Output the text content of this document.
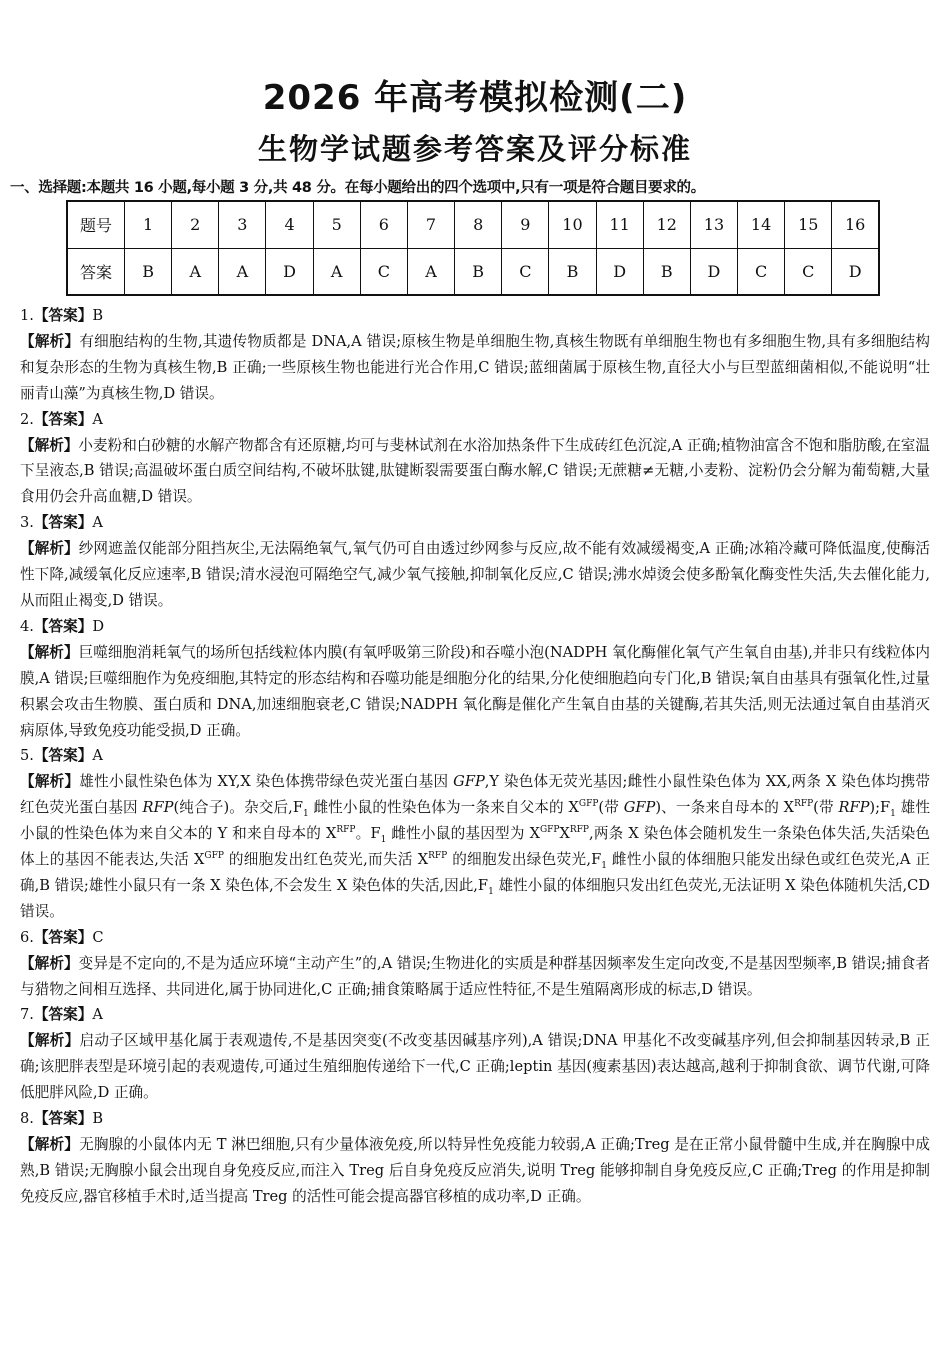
2026 年高考模拟检测(二)
生物学试题参考答案及评分标准
一、选择题:本题共 16 小题,每小题 3 分,共 48 分。在每小题给出的四个选项中,只有一项是符合题目要求的。
题号	1	2	3	4	5	6	7	8	9	10	11	12	13	14	15	16
答案	B	A	A	D	A	C	A	B	C	B	D	B	D	C	C	D

1.【答案】B

【解析】有细胞结构的生物,其遗传物质都是 DNA,A 错误;原核生物是单细胞生物,真核生物既有单细胞生物也有多细胞生物,具有多细胞结构和复杂形态的生物为真核生物,B 正确;一些原核生物也能进行光合作用,C 错误;蓝细菌属于原核生物,直径大小与巨型蓝细菌相似,不能说明“壮丽青山藻”为真核生物,D 错误。

2.【答案】A

【解析】小麦粉和白砂糖的水解产物都含有还原糖,均可与斐林试剂在水浴加热条件下生成砖红色沉淀,A 正确;植物油富含不饱和脂肪酸,在室温下呈液态,B 错误;高温破坏蛋白质空间结构,不破坏肽键,肽键断裂需要蛋白酶水解,C 错误;无蔗糖≠无糖,小麦粉、淀粉仍会分解为葡萄糖,大量食用仍会升高血糖,D 错误。

3.【答案】A

【解析】纱网遮盖仅能部分阻挡灰尘,无法隔绝氧气,氧气仍可自由透过纱网参与反应,故不能有效减缓褐变,A 正确;冰箱冷藏可降低温度,使酶活性下降,减缓氧化反应速率,B 错误;清水浸泡可隔绝空气,减少氧气接触,抑制氧化反应,C 错误;沸水焯烫会使多酚氧化酶变性失活,失去催化能力,从而阻止褐变,D 错误。

4.【答案】D

【解析】巨噬细胞消耗氧气的场所包括线粒体内膜(有氧呼吸第三阶段)和吞噬小泡(NADPH 氧化酶催化氧气产生氧自由基),并非只有线粒体内膜,A 错误;巨噬细胞作为免疫细胞,其特定的形态结构和吞噬功能是细胞分化的结果,分化使细胞趋向专门化,B 错误;氧自由基具有强氧化性,过量积累会攻击生物膜、蛋白质和 DNA,加速细胞衰老,C 错误;NADPH 氧化酶是催化产生氧自由基的关键酶,若其失活,则无法通过氧自由基消灭病原体,导致免疫功能受损,D 正确。

5.【答案】A

【解析】雄性小鼠性染色体为 XY,X 染色体携带绿色荧光蛋白基因 GFP,Y 染色体无荧光基因;雌性小鼠性染色体为 XX,两条 X 染色体均携带红色荧光蛋白基因 RFP(纯合子)。杂交后$,F_1$ 雌性小鼠的性染色体为一条来自父本的 $X^{GFP}$(带 GFP)、一条来自母本的 $X^{RFP}$(带 $RFP);F_1$ 雄性小鼠的性染色体为来自父本的 Y 和来自母本的 $X^{RFP}$。$F_1$ 雌性小鼠的基因型为 $X^{GFP}X^{RFP}$,两条 X 染色体会随机发生一条染色体失活,失活染色体上的基因不能表达,失活 $X^{GFP}$ 的细胞发出红色荧光,而失活 $X^{RFP}$ 的细胞发出绿色荧光$,F_1$ 雌性小鼠的体细胞只能发出绿色或红色荧光,A 正确,B 错误;雄性小鼠只有一条 X 染色体,不会发生 X 染色体的失活,因此$,F_1$ 雄性小鼠的体细胞只发出红色荧光,无法证明 X 染色体随机失活,CD 错误。

6.【答案】C

【解析】变异是不定向的,不是为适应环境“主动产生”的,A 错误;生物进化的实质是种群基因频率发生定向改变,不是基因型频率,B 错误;捕食者与猎物之间相互选择、共同进化,属于协同进化,C 正确;捕食策略属于适应性特征,不是生殖隔离形成的标志,D 错误。

7.【答案】A

【解析】启动子区域甲基化属于表观遗传,不是基因突变(不改变基因碱基序列),A 错误;DNA 甲基化不改变碱基序列,但会抑制基因转录,B 正确;该肥胖表型是环境引起的表观遗传,可通过生殖细胞传递给下一代,C 正确;leptin 基因(瘦素基因)表达越高,越利于抑制食欲、调节代谢,可降低肥胖风险,D 正确。

8.【答案】B

【解析】无胸腺的小鼠体内无 T 淋巴细胞,只有少量体液免疫,所以特异性免疫能力较弱,A 正确;Treg 是在正常小鼠骨髓中生成,并在胸腺中成熟,B 错误;无胸腺小鼠会出现自身免疫反应,而注入 Treg 后自身免疫反应消失,说明 Treg 能够抑制自身免疫反应,C 正确;Treg 的作用是抑制免疫反应,器官移植手术时,适当提高 Treg 的活性可能会提高器官移植的成功率,D 正确。
